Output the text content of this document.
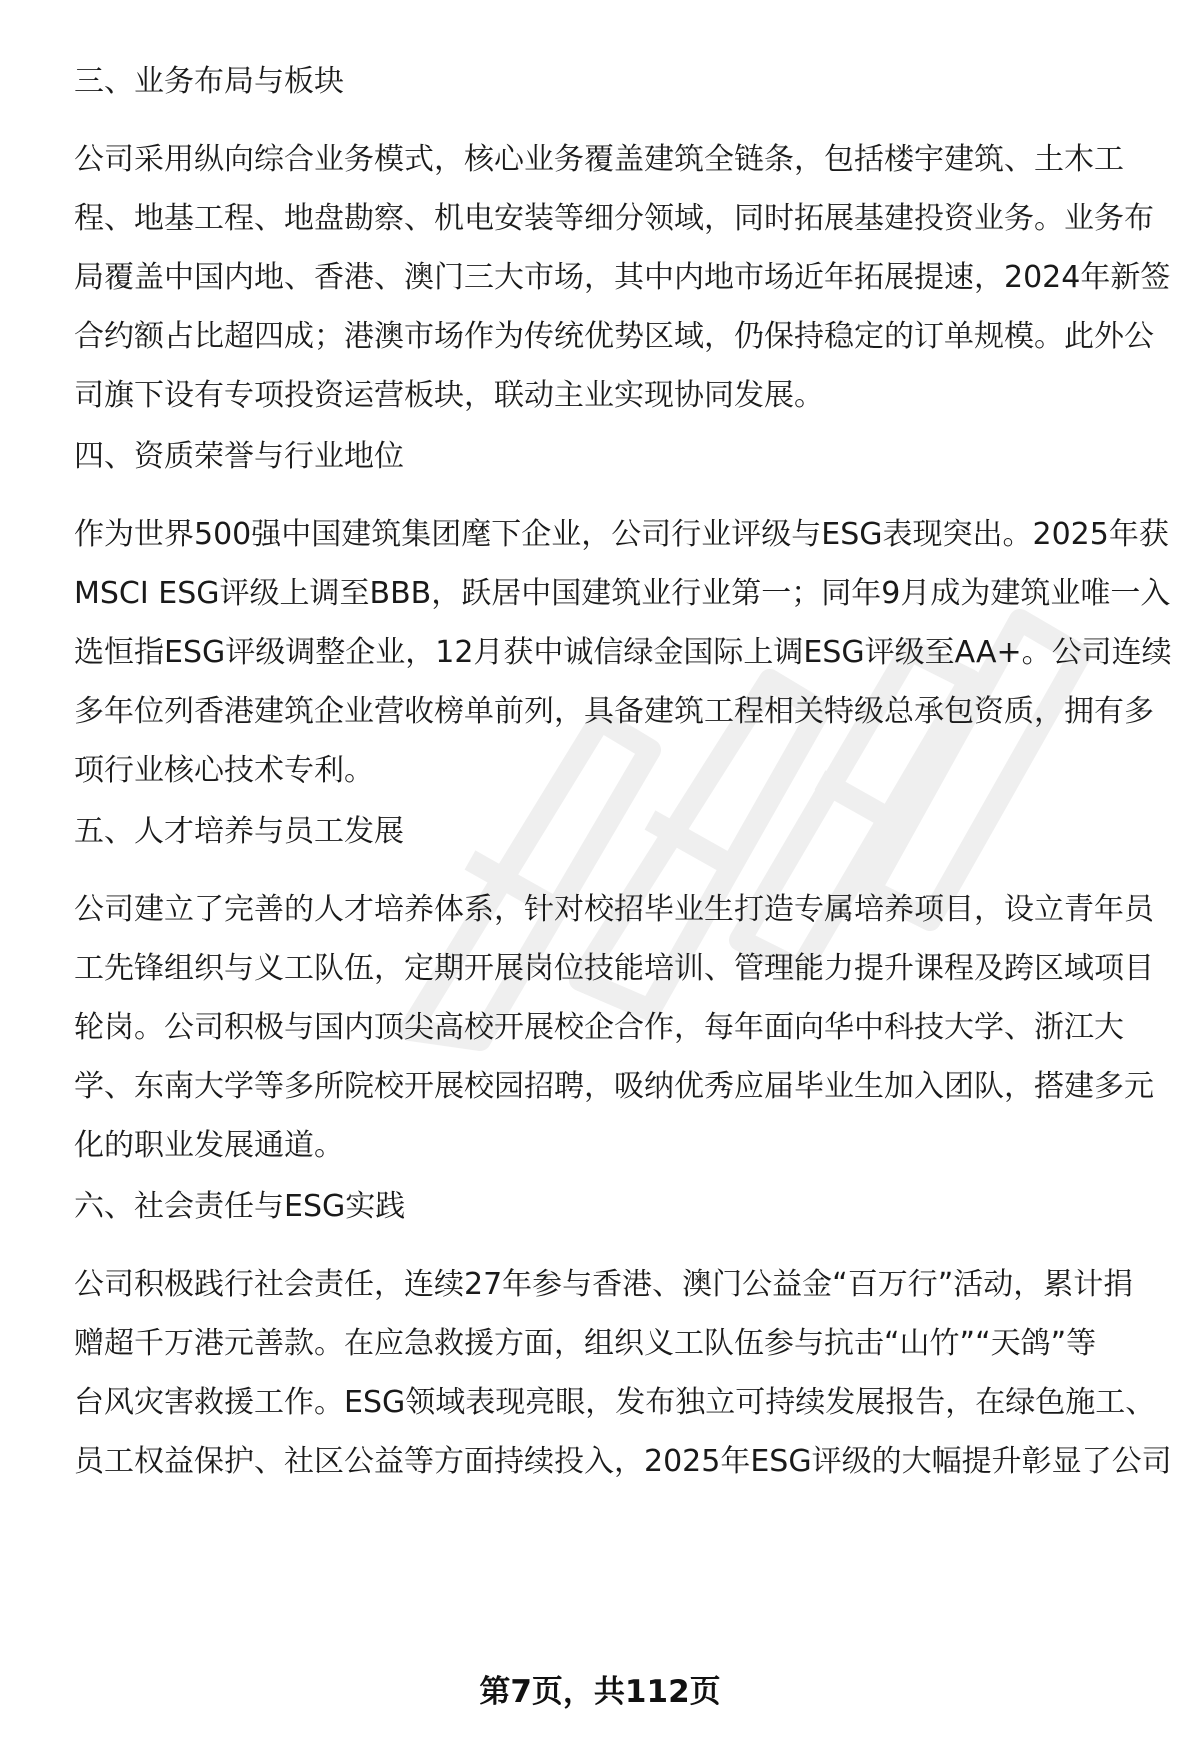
三、业务布局与板块
公司采用纵向综合业务模式，核心业务覆盖建筑全链条，包括楼宇建筑、土木工
程、地基工程、地盘勘察、机电安装等细分领域，同时拓展基建投资业务。业务布
局覆盖中国内地、香港、澳门三大市场，其中内地市场近年拓展提速，2024年新签
合约额占比超四成；港澳市场作为传统优势区域，仍保持稳定的订单规模。此外公
司旗下设有专项投资运营板块，联动主业实现协同发展。
四、资质荣誉与行业地位
作为世界500强中国建筑集团麾下企业，公司行业评级与ESG表现突出。2025年获
MSCI ESG评级上调至BBB，跃居中国建筑业行业第一；同年9月成为建筑业唯一入
选恒指ESG评级调整企业，12月获中诚信绿金国际上调ESG评级至AA+。公司连续
多年位列香港建筑企业营收榜单前列，具备建筑工程相关特级总承包资质，拥有多
项行业核心技术专利。
五、人才培养与员工发展
公司建立了完善的人才培养体系，针对校招毕业生打造专属培养项目，设立青年员
工先锋组织与义工队伍，定期开展岗位技能培训、管理能力提升课程及跨区域项目
轮岗。公司积极与国内顶尖高校开展校企合作，每年面向华中科技大学、浙江大
学、东南大学等多所院校开展校园招聘，吸纳优秀应届毕业生加入团队，搭建多元
化的职业发展通道。
六、社会责任与ESG实践
公司积极践行社会责任，连续27年参与香港、澳门公益金“百万行”活动，累计捐
赠超千万港元善款。在应急救援方面，组织义工队伍参与抗击“山竹”“天鸽”等
台风灾害救援工作。ESG领域表现亮眼，发布独立可持续发展报告，在绿色施工、
员工权益保护、社区公益等方面持续投入，2025年ESG评级的大幅提升彰显了公司
第7页，共112页
